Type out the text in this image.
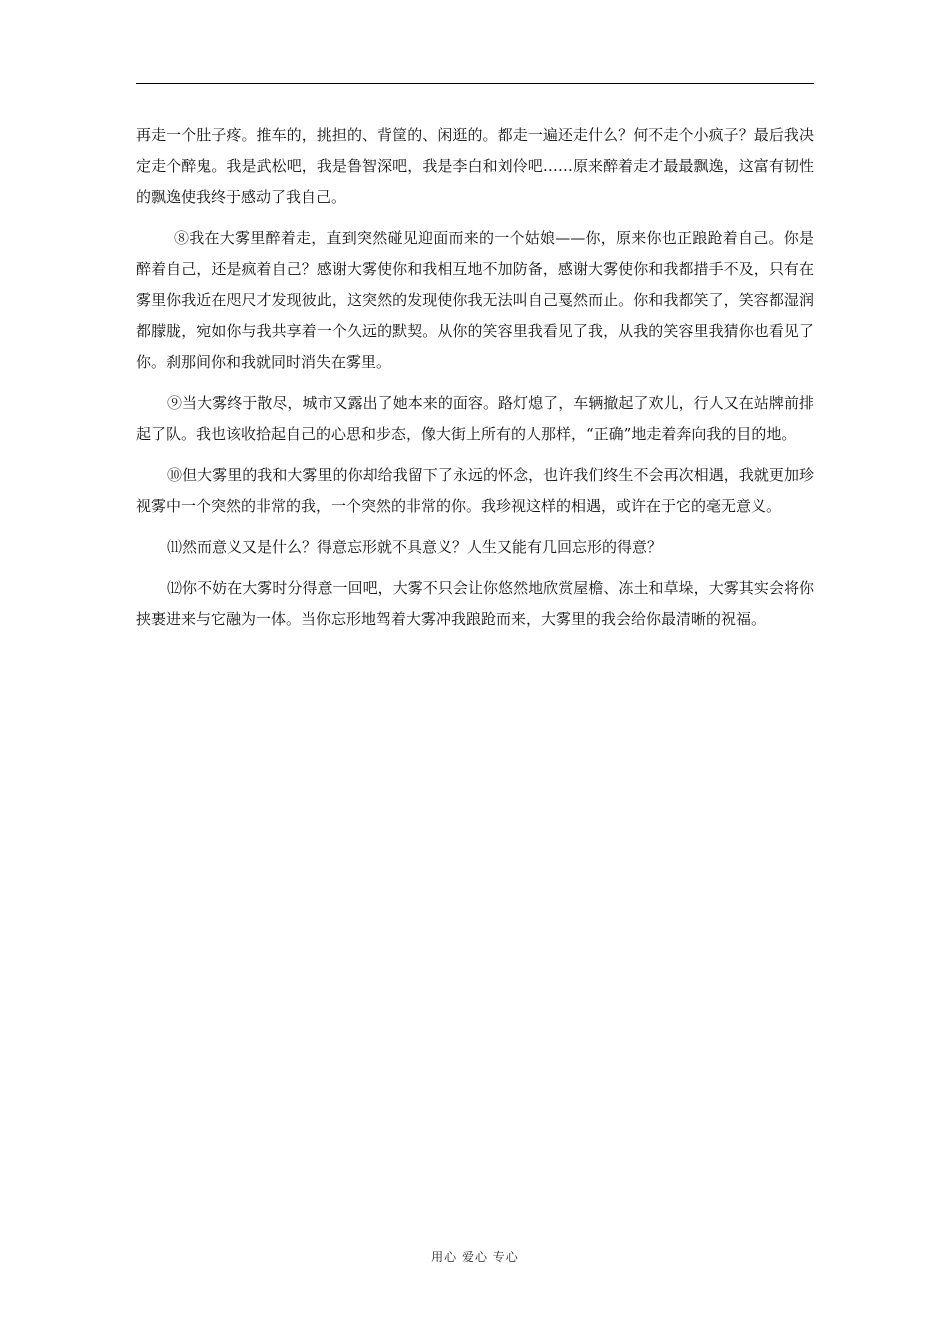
再走一个肚子疼。推车的，挑担的、背筐的、闲逛的。都走一遍还走什么？何不走个小疯子？最后我决定走个醉鬼。我是武松吧，我是鲁智深吧，我是李白和刘伶吧……原来醉着走才最最飘逸，这富有韧性的飘逸使我终于感动了我自己。

⑧我在大雾里醉着走，直到突然碰见迎面而来的一个姑娘——你，原来你也正踉跄着自己。你是醉着自己，还是疯着自己？感谢大雾使你和我相互地不加防备，感谢大雾使你和我都措手不及，只有在雾里你我近在咫尺才发现彼此，这突然的发现使你我无法叫自己戛然而止。你和我都笑了，笑容都湿润都朦胧，宛如你与我共享着一个久远的默契。从你的笑容里我看见了我，从我的笑容里我猜你也看见了你。刹那间你和我就同时消失在雾里。

⑨当大雾终于散尽，城市又露出了她本来的面容。路灯熄了，车辆撤起了欢儿，行人又在站牌前排起了队。我也该收拾起自己的心思和步态，像大街上所有的人那样，“正确”地走着奔向我的目的地。

⑩但大雾里的我和大雾里的你却给我留下了永远的怀念，也许我们终生不会再次相遇，我就更加珍视雾中一个突然的非常的我，一个突然的非常的你。我珍视这样的相遇，或许在于它的毫无意义。

⑾然而意义又是什么？得意忘形就不具意义？人生又能有几回忘形的得意？

⑿你不妨在大雾时分得意一回吧，大雾不只会让你悠然地欣赏屋檐、冻土和草垛，大雾其实会将你挟裹进来与它融为一体。当你忘形地驾着大雾冲我踉跄而来，大雾里的我会给你最清晰的祝福。

用心 爱心 专心
